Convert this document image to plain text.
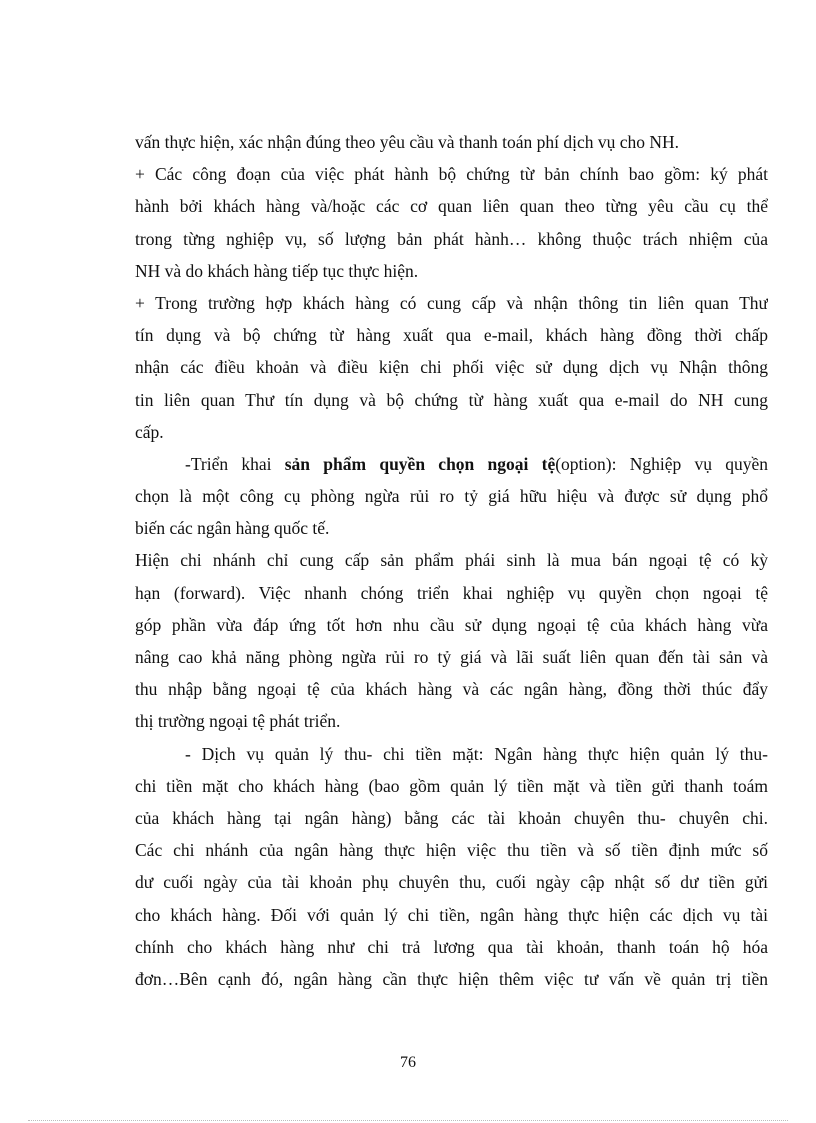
vấn thực hiện, xác nhận đúng theo yêu cầu và thanh toán phí dịch vụ cho NH.
+ Các công đoạn của việc phát hành bộ chứng từ bản chính bao gồm: ký phát
hành bởi khách hàng và/hoặc các cơ quan liên quan theo từng yêu cầu cụ thể
trong từng nghiệp vụ, số lượng bản phát hành… không thuộc trách nhiệm của
NH và do khách hàng tiếp tục thực hiện.
+ Trong trường hợp khách hàng có cung cấp và nhận thông tin liên quan Thư
tín dụng và bộ chứng từ hàng xuất qua e-mail, khách hàng đồng thời chấp
nhận các điều khoản và điều kiện chi phối việc sử dụng dịch vụ Nhận thông
tin liên quan Thư tín dụng và bộ chứng từ hàng xuất qua e-mail do NH cung
cấp.
-Triển khai sản phẩm quyền chọn ngoại tệ(option): Nghiệp vụ quyền
chọn là một công cụ phòng ngừa rủi ro tỷ giá hữu hiệu và được sử dụng phổ
biến các ngân hàng quốc tế.
Hiện chi nhánh chỉ cung cấp sản phẩm phái sinh là mua bán ngoại tệ có kỳ
hạn (forward). Việc nhanh chóng triển khai nghiệp vụ quyền chọn ngoại tệ
góp phần vừa đáp ứng tốt hơn nhu cầu sử dụng ngoại tệ của khách hàng vừa
nâng cao khả năng phòng ngừa rủi ro tỷ giá và lãi suất liên quan đến tài sản và
thu nhập bằng ngoại tệ của khách hàng và các ngân hàng, đồng thời thúc đẩy
thị trường ngoại tệ phát triển.
- Dịch vụ quản lý thu- chi tiền mặt: Ngân hàng thực hiện quản lý thu-
chi tiền mặt cho khách hàng (bao gồm quản lý tiền mặt và tiền gửi thanh toám
của khách hàng tại ngân hàng) bằng các tài khoản chuyên thu- chuyên chi.
Các chi nhánh của ngân hàng thực hiện việc thu tiền và số tiền định mức số
dư cuối ngày của tài khoản phụ chuyên thu, cuối ngày cập nhật số dư tiền gửi
cho khách hàng. Đối với quản lý chi tiền, ngân hàng thực hiện các dịch vụ tài
chính cho khách hàng như chi trả lương qua tài khoản, thanh toán hộ hóa
đơn…Bên cạnh đó, ngân hàng cần thực hiện thêm việc tư vấn về quản trị tiền
76
